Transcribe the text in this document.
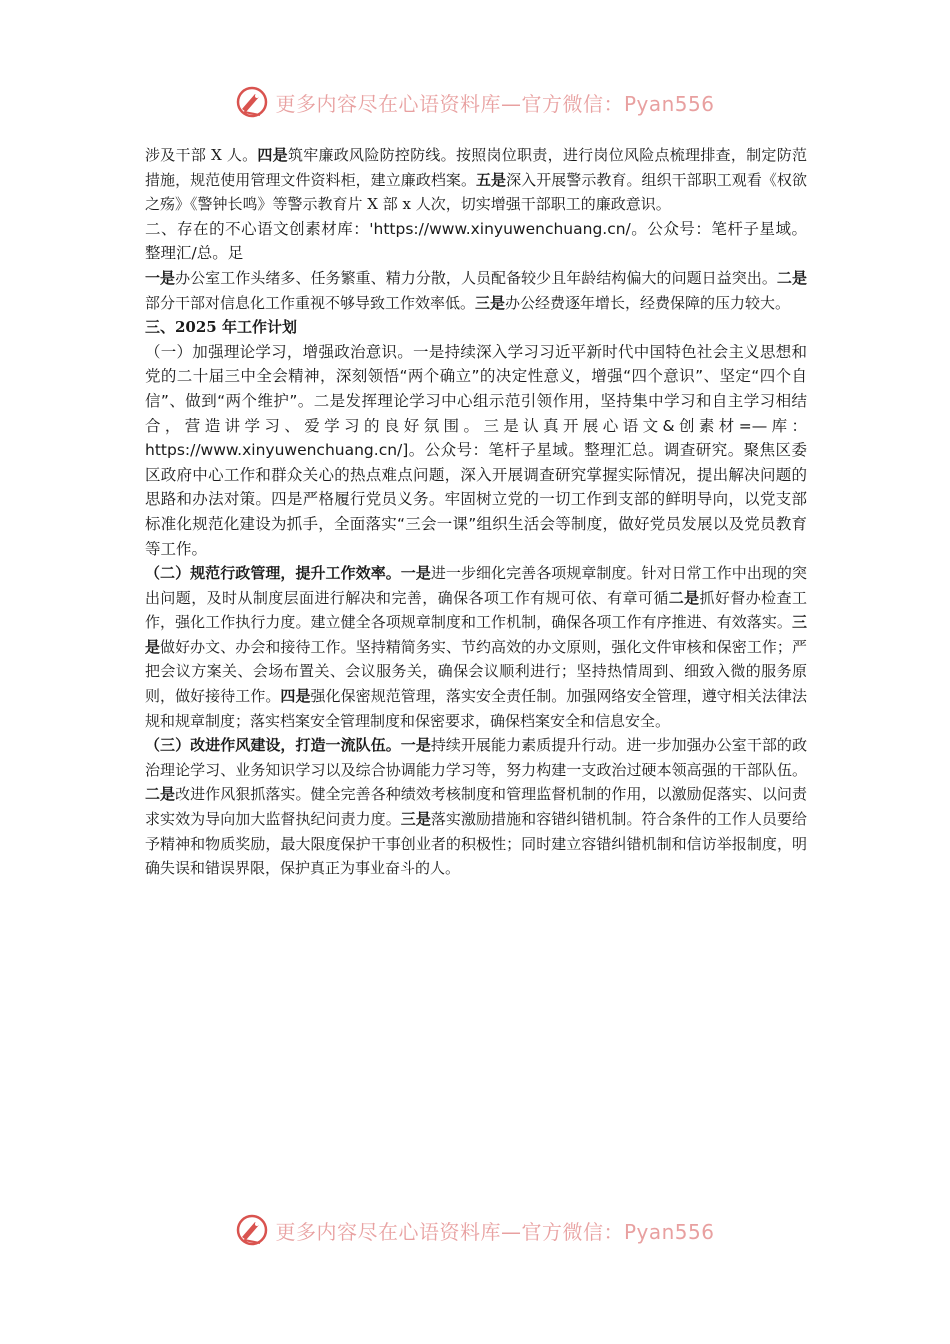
更多内容尽在心语资料库—官方微信：Pyan556

涉及干部 X 人。四是筑牢廉政风险防控防线。按照岗位职责，进行岗位风险点梳理排查，制定防范措施，规范使用管理文件资料柜，建立廉政档案。五是深入开展警示教育。组织干部职工观看《权欲之殇》《警钟长鸣》等警示教育片 X 部 x 人次，切实增强干部职工的廉政意识。

二、存在的不心语文创素材库：'https://www.xinyuwenchuang.cn/。公众号：笔杆子星域。整理汇/总。足

一是办公室工作头绪多、任务繁重、精力分散，人员配备较少且年龄结构偏大的问题日益突出。二是部分干部对信息化工作重视不够导致工作效率低。三是办公经费逐年增长，经费保障的压力较大。

三、2025 年工作计划

（一）加强理论学习，增强政治意识。一是持续深入学习习近平新时代中国特色社会主义思想和党的二十届三中全会精神，深刻领悟“两个确立”的决定性意义，增强“四个意识”、坚定“四个自信”、做到“两个维护”。二是发挥理论学习中心组示范引领作用，坚持集中学习和自主学习相结合，营造讲学习、爱学习的良好氛围。三是认真开展心语文&创素材=—库：https://www.xinyuwenchuang.cn/]。公众号：笔杆子星域。整理汇总。调查研究。聚焦区委区政府中心工作和群众关心的热点难点问题，深入开展调查研究掌握实际情况，提出解决问题的思路和办法对策。四是严格履行党员义务。牢固树立党的一切工作到支部的鲜明导向，以党支部标准化规范化建设为抓手，全面落实“三会一课”组织生活会等制度，做好党员发展以及党员教育等工作。

（二）规范行政管理，提升工作效率。一是进一步细化完善各项规章制度。针对日常工作中出现的突出问题，及时从制度层面进行解决和完善，确保各项工作有规可依、有章可循二是抓好督办检查工作，强化工作执行力度。建立健全各项规章制度和工作机制，确保各项工作有序推进、有效落实。三是做好办文、办会和接待工作。坚持精简务实、节约高效的办文原则，强化文件审核和保密工作；严把会议方案关、会场布置关、会议服务关，确保会议顺利进行；坚持热情周到、细致入微的服务原则，做好接待工作。四是强化保密规范管理，落实安全责任制。加强网络安全管理，遵守相关法律法规和规章制度；落实档案安全管理制度和保密要求，确保档案安全和信息安全。

（三）改进作风建设，打造一流队伍。一是持续开展能力素质提升行动。进一步加强办公室干部的政治理论学习、业务知识学习以及综合协调能力学习等，努力构建一支政治过硬本领高强的干部队伍。二是改进作风狠抓落实。健全完善各种绩效考核制度和管理监督机制的作用，以激励促落实、以问责求实效为导向加大监督执纪问责力度。三是落实激励措施和容错纠错机制。符合条件的工作人员要给予精神和物质奖励，最大限度保护干事创业者的积极性；同时建立容错纠错机制和信访举报制度，明确失误和错误界限，保护真正为事业奋斗的人。

更多内容尽在心语资料库—官方微信：Pyan556
